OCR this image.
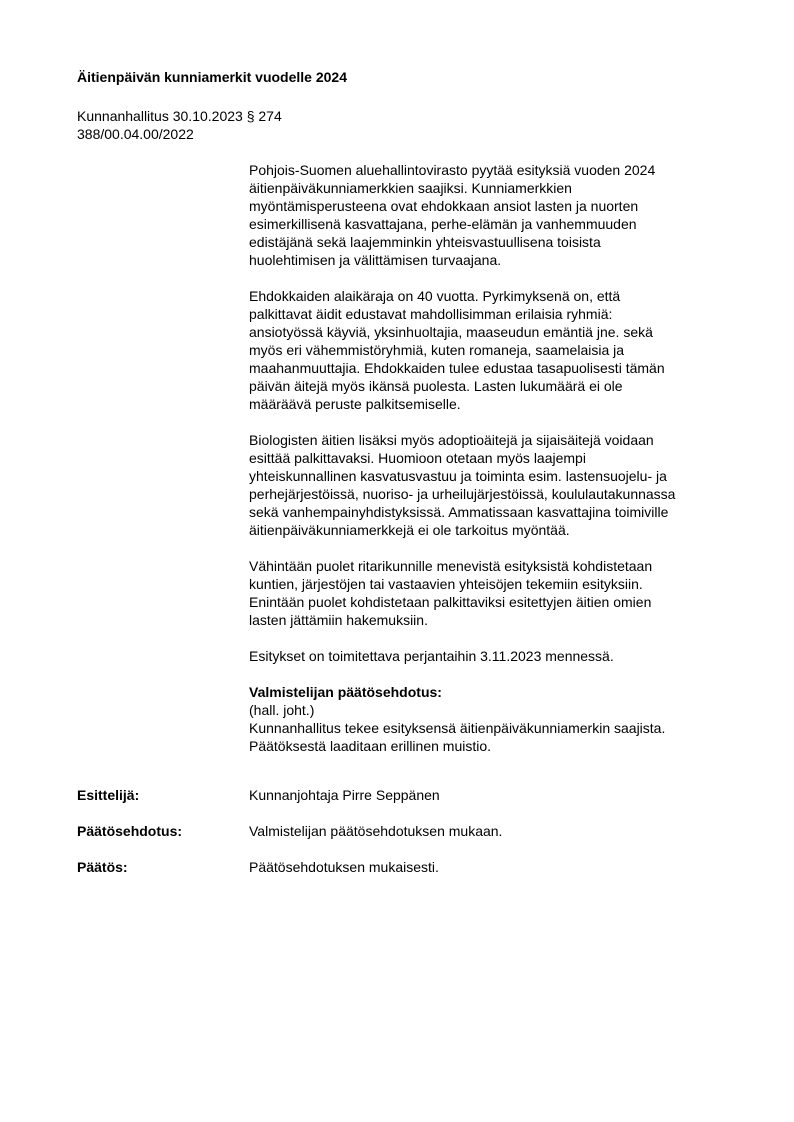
Äitienpäivän kunniamerkit vuodelle 2024
Kunnanhallitus 30.10.2023 § 274
388/00.04.00/2022
Pohjois-Suomen aluehallintovirasto pyytää esityksiä vuoden 2024
äitienpäiväkunniamerkkien saajiksi. Kunniamerkkien
myöntämisperusteena ovat ehdokkaan ansiot lasten ja nuorten
esimerkillisenä kasvattajana, perhe-elämän ja vanhemmuuden
edistäjänä sekä laajemminkin yhteisvastuullisena toisista
huolehtimisen ja välittämisen turvaajana.
Ehdokkaiden alaikäraja on 40 vuotta. Pyrkimyksenä on, että
palkittavat äidit edustavat mahdollisimman erilaisia ryhmiä:
ansiotyössä käyviä, yksinhuoltajia, maaseudun emäntiä jne. sekä
myös eri vähemmistöryhmiä, kuten romaneja, saamelaisia ja
maahanmuuttajia. Ehdokkaiden tulee edustaa tasapuolisesti tämän
päivän äitejä myös ikänsä puolesta. Lasten lukumäärä ei ole
määräävä peruste palkitsemiselle.
Biologisten äitien lisäksi myös adoptioäitejä ja sijaisäitejä voidaan
esittää palkittavaksi. Huomioon otetaan myös laajempi
yhteiskunnallinen kasvatusvastuu ja toiminta esim. lastensuojelu- ja
perhejärjestöissä, nuoriso- ja urheilujärjestöissä, koululautakunnassa
sekä vanhempainyhdistyksissä. Ammatissaan kasvattajina toimiville
äitienpäiväkunniamerkkejä ei ole tarkoitus myöntää.
Vähintään puolet ritarikunnille menevistä esityksistä kohdistetaan
kuntien, järjestöjen tai vastaavien yhteisöjen tekemiin esityksiin.
Enintään puolet kohdistetaan palkittaviksi esitettyjen äitien omien
lasten jättämiin hakemuksiin.
Esitykset on toimitettava perjantaihin 3.11.2023 mennessä.
Valmistelijan päätösehdotus:
(hall. joht.)
Kunnanhallitus tekee esityksensä äitienpäiväkunniamerkin saajista.
Päätöksestä laaditaan erillinen muistio.
Esittelijä:	Kunnanjohtaja Pirre Seppänen
Päätösehdotus:	Valmistelijan päätösehdotuksen mukaan.
Päätös:	Päätösehdotuksen mukaisesti.
